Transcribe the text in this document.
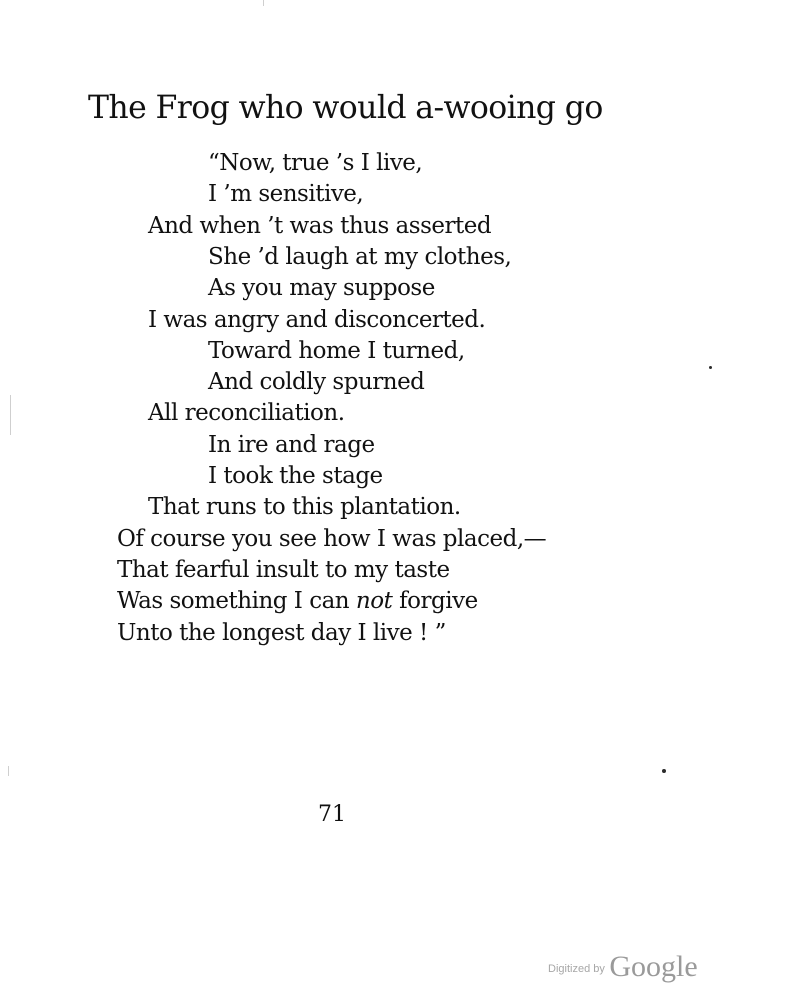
The Frog who would a-wooing go
“Now, true ’s I live,
I ’m sensitive,
And when ’t was thus asserted
She ’d laugh at my clothes,
As you may suppose
I was angry and disconcerted.
Toward home I turned,
And coldly spurned
All reconciliation.
In ire and rage
I took the stage
That runs to this plantation.
Of course you see how I was placed,—
That fearful insult to my taste
Was something I can not forgive
Unto the longest day I live ! ”
71
$^{Digitized by}$ Google
